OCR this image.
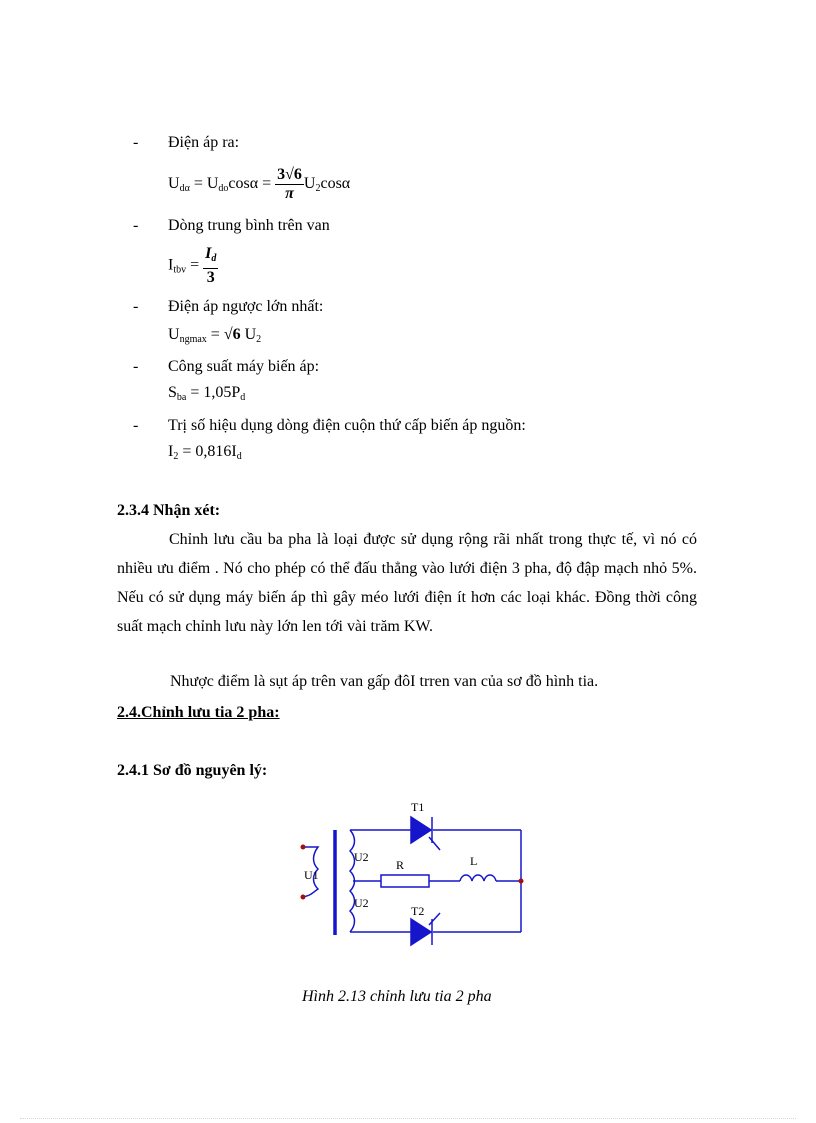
- Điện áp ra:
$U_{d\alpha} = U_{do}\cos\alpha = \frac{3√6}{\pi} U_2\cos\alpha$
- Dòng trung bình trên van
$I_{tbv} = \frac{I_d}{3}$
- Điện áp ngược lớn nhất:
$U_{ngmax} = √6$ $U_2$
- Công suất máy biến áp:
$S_{ba} = 1,05P_d$
- Trị số hiệu dụng dòng điện cuộn thứ cấp biến áp nguồn:
$I_2 = 0,816I_d$
2.3.4 Nhận xét:
Chỉnh lưu cầu ba pha là loại được sử dụng rộng rãi nhất trong thực tế, vì nó có nhiều ưu điểm . Nó cho phép có thể đấu thẳng vào lưới điện 3 pha, độ đập mạch nhỏ 5%. Nếu có sử dụng máy biến áp thì gây méo lưới điện ít hơn các loại khác. Đồng thời công suất mạch chỉnh lưu này lớn len tới vài trăm KW.
Nhược điểm là sụt áp trên van gấp đôI trren van của sơ đồ hình tia.
2.4.Chỉnh lưu tia 2 pha:
2.4.1 Sơ đồ nguyên lý:
T1
T2
U2
U2
U1
R	L
Hình 2.13 chỉnh lưu tia 2 pha
